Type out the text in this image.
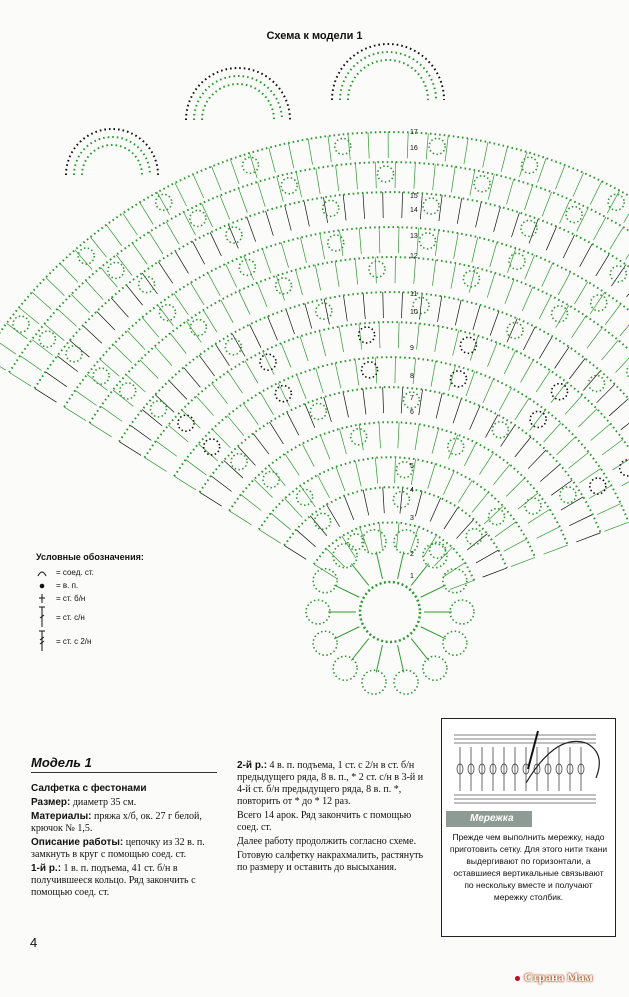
Схема к модели 1
17
16
15
14
13
12
11
10
9
8
7
6
5
4
3
2
1
Условные обозначения:
= соед. ст.
= в. п.
= ст. б/н
= ст. с/н
= ст. с 2/н
Модель 1

Салфетка с фестонами

Размер: диаметр 35 см.

Материалы: пряжа х/б, ок. 27 г белой, крючок № 1,5.

Описание работы: цепочку из 32 в. п. замкнуть в круг с помощью соед. ст.

1-й р.: 1 в. п. подъема, 41 ст. б/н в получившееся кольцо. Ряд закончить с помощью соед. ст.

2-й р.: 4 в. п. подъема, 1 ст. с 2/н в ст. б/н предыдущего ряда, 8 в. п., * 2 ст. с/н в 3-й и 4-й ст. б/н предыдущего ряда, 8 в. п. *, повторить от * до * 12 раз.

Всего 14 арок. Ряд закончить с помощью соед. ст.

Далее работу продолжить согласно схеме.

Готовую салфетку накрахмалить, растянуть по размеру и оставить до высыхания.

Мережка
Прежде чем выполнить мережку, надо приготовить сетку. Для этого нити ткани выдергивают по горизонтали, а оставшиеся вертикальные связывают по нескольку вместе и получают мережку столбик.
4
Страна Мам
